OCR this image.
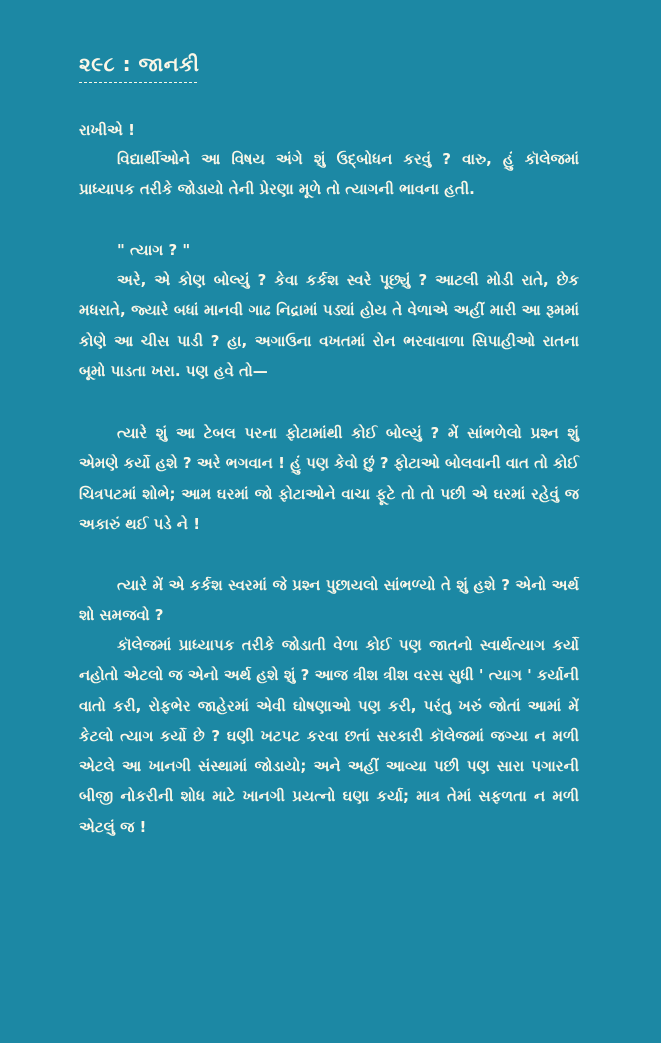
૨૯૮ : જાનકી
રાખીએ !
વિદ્યાર્થીઓને આ વિષય અંગે શું ઉદ્બોધન કરવું ? વારુ, હું કૉલેજમાં પ્રાધ્યાપક તરીકે જોડાયો તેની પ્રેરણા મૂળે તો ત્યાગની ભાવના હતી.
" ત્યાગ ? "
અરે, એ કોણ બોલ્યું ? કેવા કર્કશ સ્વરે પૂછ્યું ? આટલી મોડી રાતે, છેક મધરાતે, જ્યારે બધાં માનવી ગાઢ નિદ્રામાં પડ્યાં હોય તે વેળાએ અહીં મારી આ રૂમમાં કોણે આ ચીસ પાડી ? હા, અગાઉના વખતમાં રોન ભરવાવાળા સિપાહીઓ રાતના બૂમો પાડતા ખરા. પણ હવે તો—
ત્યારે શું આ ટેબલ પરના ફોટામાંથી કોઈ બોલ્યું ? મેં સાંભળેલો પ્રશ્ન શું એમણે કર્યો હશે ? અરે ભગવાન ! હું પણ કેવો છું ? ફોટાઓ બોલવાની વાત તો કોઈ ચિત્રપટમાં શોભે; આમ ઘરમાં જો ફોટાઓને વાચા ફૂટે તો તો પછી એ ઘરમાં રહેવું જ અકારું થઈ પડે ને !
ત્યારે મેં એ કર્કશ સ્વરમાં જે પ્રશ્ન પુછાયલો સાંભળ્યો તે શું હશે ? એનો અર્થ શો સમજવો ?
કૉલેજમાં પ્રાધ્યાપક તરીકે જોડાતી વેળા કોઈ પણ જાતનો સ્વાર્થત્યાગ કર્યો નહોતો એટલો જ એનો અર્થ હશે શું ? આજ ત્રીશ ત્રીશ વરસ સુધી ' ત્યાગ ' કર્યાની વાતો કરી, રોફભેર જાહેરમાં એવી ઘોષણાઓ પણ કરી, પરંતુ ખરું જોતાં આમાં મેં કેટલો ત્યાગ કર્યો છે ? ઘણી ખટપટ કરવા છતાં સરકારી કૉલેજમાં જગ્યા ન મળી એટલે આ ખાનગી સંસ્થામાં જોડાયો; અને અહીં આવ્યા પછી પણ સારા પગારની બીજી નોકરીની શોધ માટે ખાનગી પ્રયત્નો ઘણા કર્યા; માત્ર તેમાં સફળતા ન મળી એટલું જ !
